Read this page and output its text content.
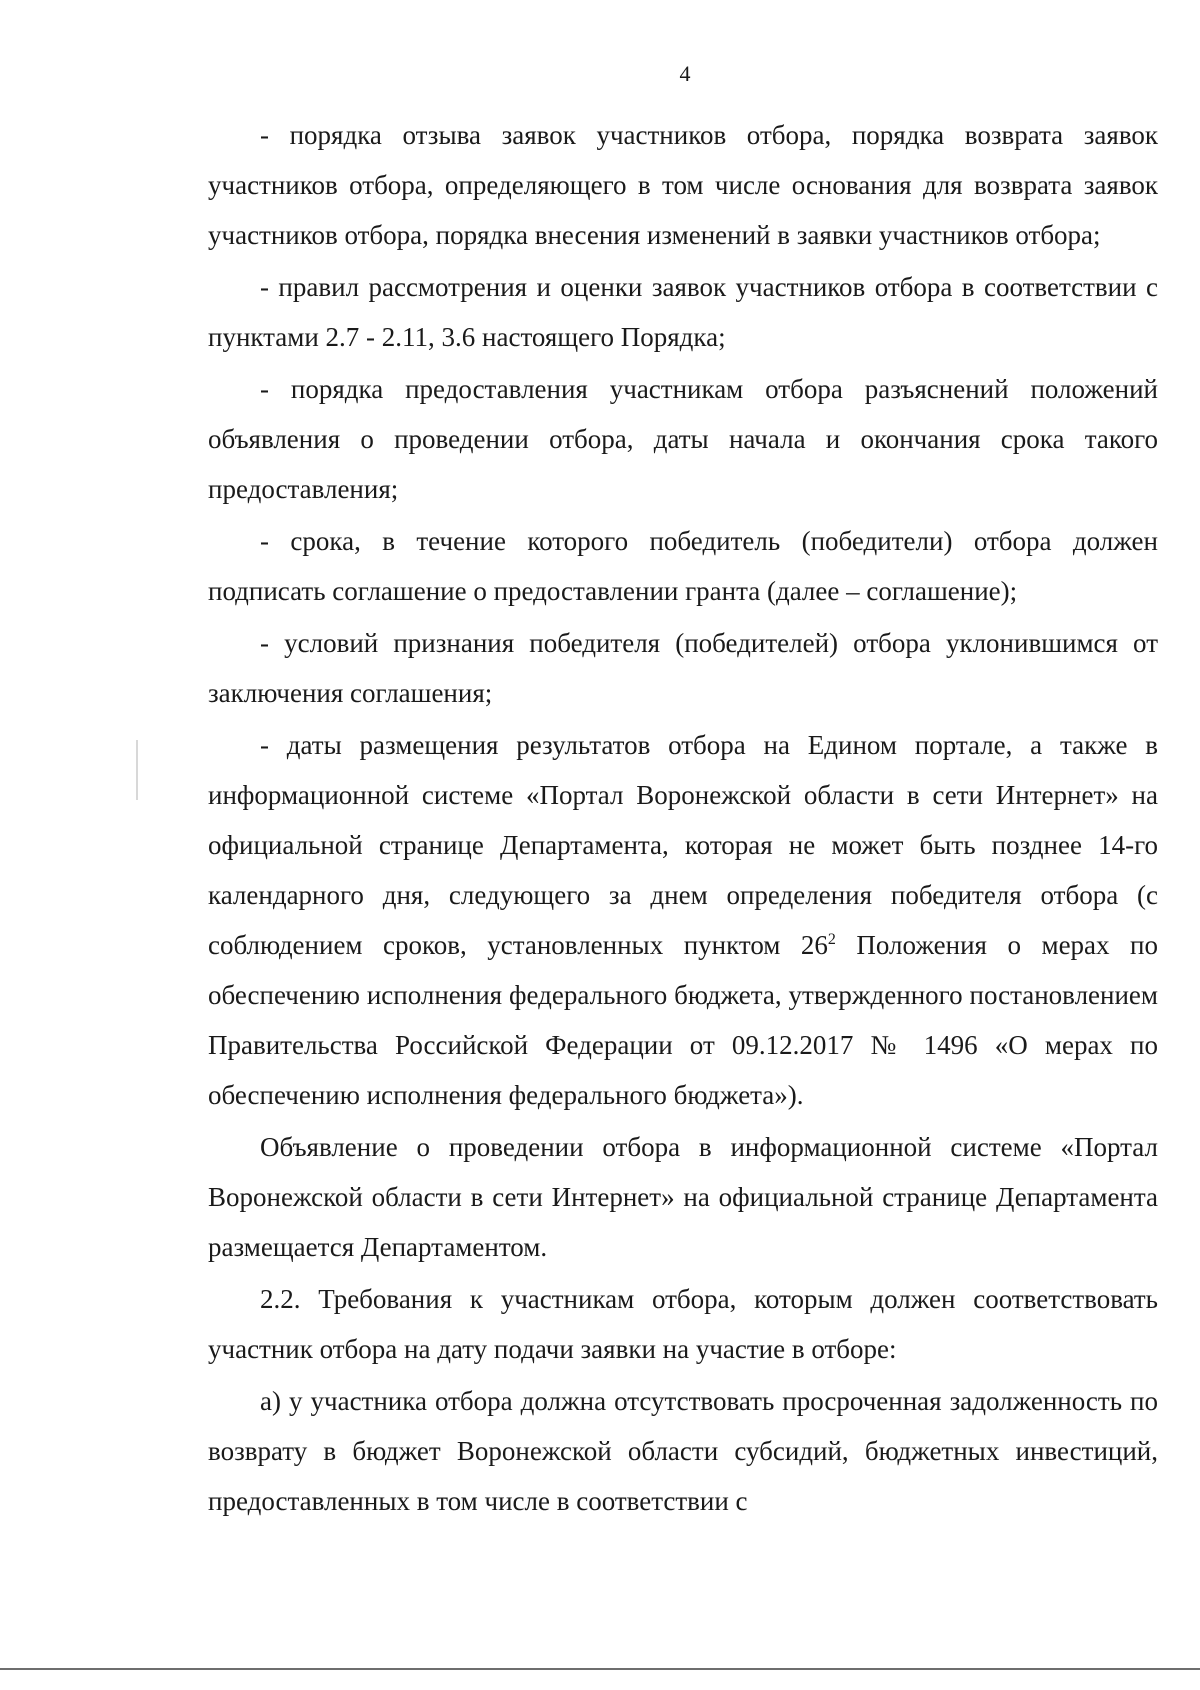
4

- порядка отзыва заявок участников отбора, порядка возврата заявок участников отбора, определяющего в том числе основания для возврата заявок участников отбора, порядка внесения изменений в заявки участников отбора;

- правил рассмотрения и оценки заявок участников отбора в соответствии с пунктами 2.7 - 2.11, 3.6 настоящего Порядка;

- порядка предоставления участникам отбора разъяснений положений объявления о проведении отбора, даты начала и окончания срока такого предоставления;

- срока, в течение которого победитель (победители) отбора должен подписать соглашение о предоставлении гранта (далее – соглашение);

- условий признания победителя (победителей) отбора уклонившимся от заключения соглашения;

- даты размещения результатов отбора на Едином портале, а также в информационной системе «Портал Воронежской области в сети Интернет» на официальной странице Департамента, которая не может быть позднее 14-го календарного дня, следующего за днем определения победителя отбора (с соблюдением сроков, установленных пунктом $26^2$ Положения о мерах по обеспечению исполнения федерального бюджета, утвержденного постановлением Правительства Российской Федерации от 09.12.2017 № 1496 «О мерах по обеспечению исполнения федерального бюджета»).

Объявление о проведении отбора в информационной системе «Портал Воронежской области в сети Интернет» на официальной странице Департамента размещается Департаментом.

2.2. Требования к участникам отбора, которым должен соответствовать участник отбора на дату подачи заявки на участие в отборе:

а) у участника отбора должна отсутствовать просроченная задолженность по возврату в бюджет Воронежской области субсидий, бюджетных инвестиций, предоставленных в том числе в соответствии с
